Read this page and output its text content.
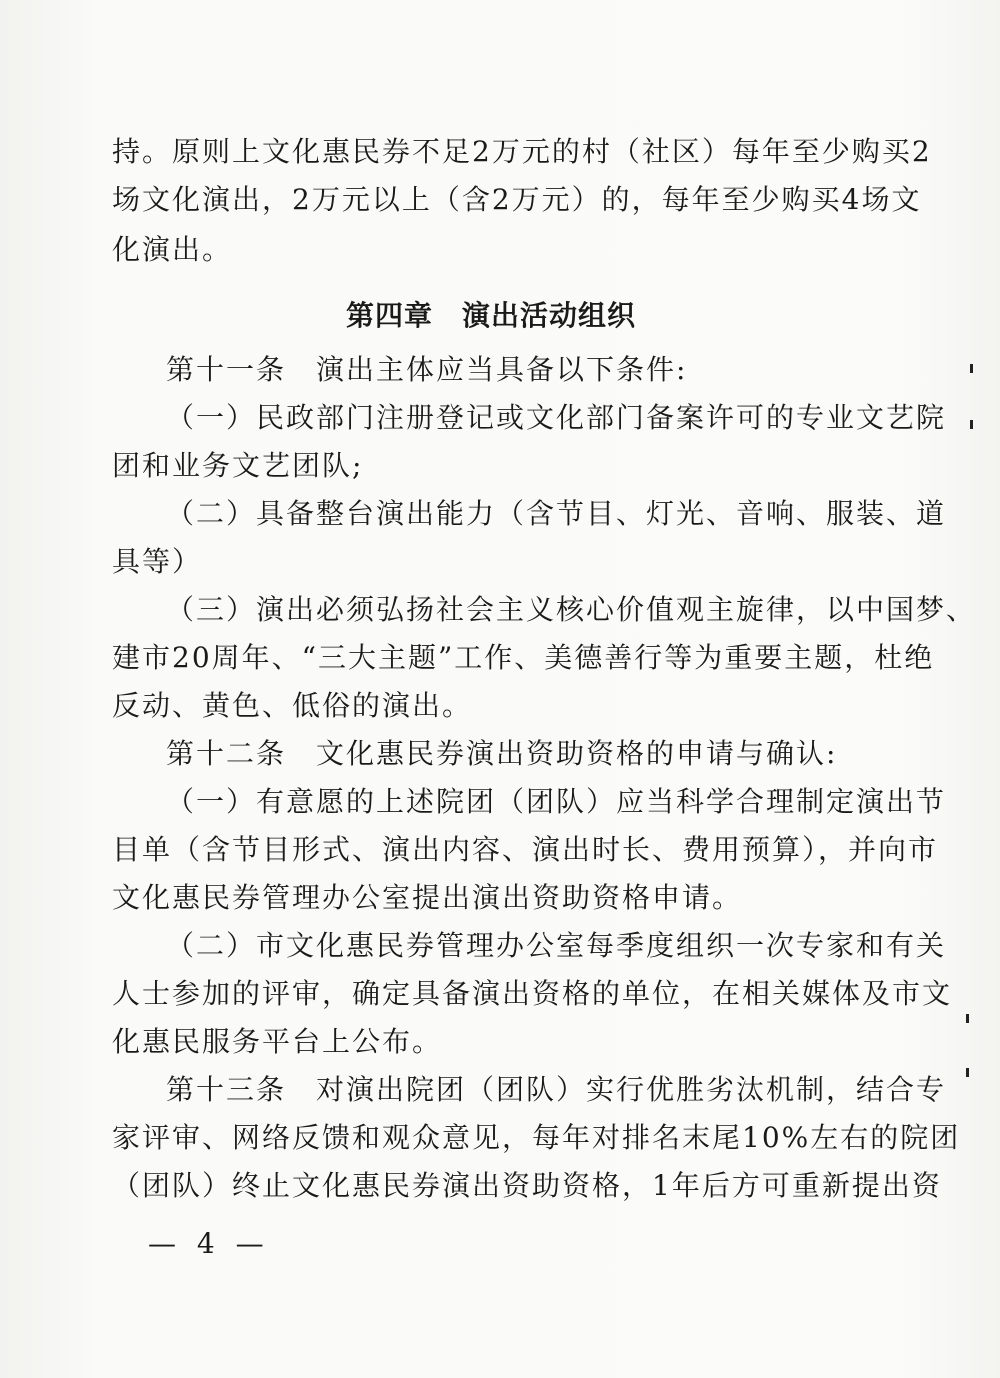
持。原则上文化惠民券不足2万元的村（社区）每年至少购买2
场文化演出，2万元以上（含2万元）的，每年至少购买4场文
化演出。
第四章　演出活动组织
第十一条　演出主体应当具备以下条件:
（一）民政部门注册登记或文化部门备案许可的专业文艺院
团和业务文艺团队;
（二）具备整台演出能力（含节目、灯光、音响、服装、道
具等）
（三）演出必须弘扬社会主义核心价值观主旋律，以中国梦、
建市20周年、“三大主题”工作、美德善行等为重要主题，杜绝
反动、黄色、低俗的演出。
第十二条　文化惠民券演出资助资格的申请与确认:
（一）有意愿的上述院团（团队）应当科学合理制定演出节
目单（含节目形式、演出内容、演出时长、费用预算），并向市
文化惠民券管理办公室提出演出资助资格申请。
（二）市文化惠民券管理办公室每季度组织一次专家和有关
人士参加的评审，确定具备演出资格的单位，在相关媒体及市文
化惠民服务平台上公布。
第十三条　对演出院团（团队）实行优胜劣汰机制，结合专
家评审、网络反馈和观众意见，每年对排名末尾10%左右的院团
（团队）终止文化惠民券演出资助资格，1年后方可重新提出资
— 4 —
